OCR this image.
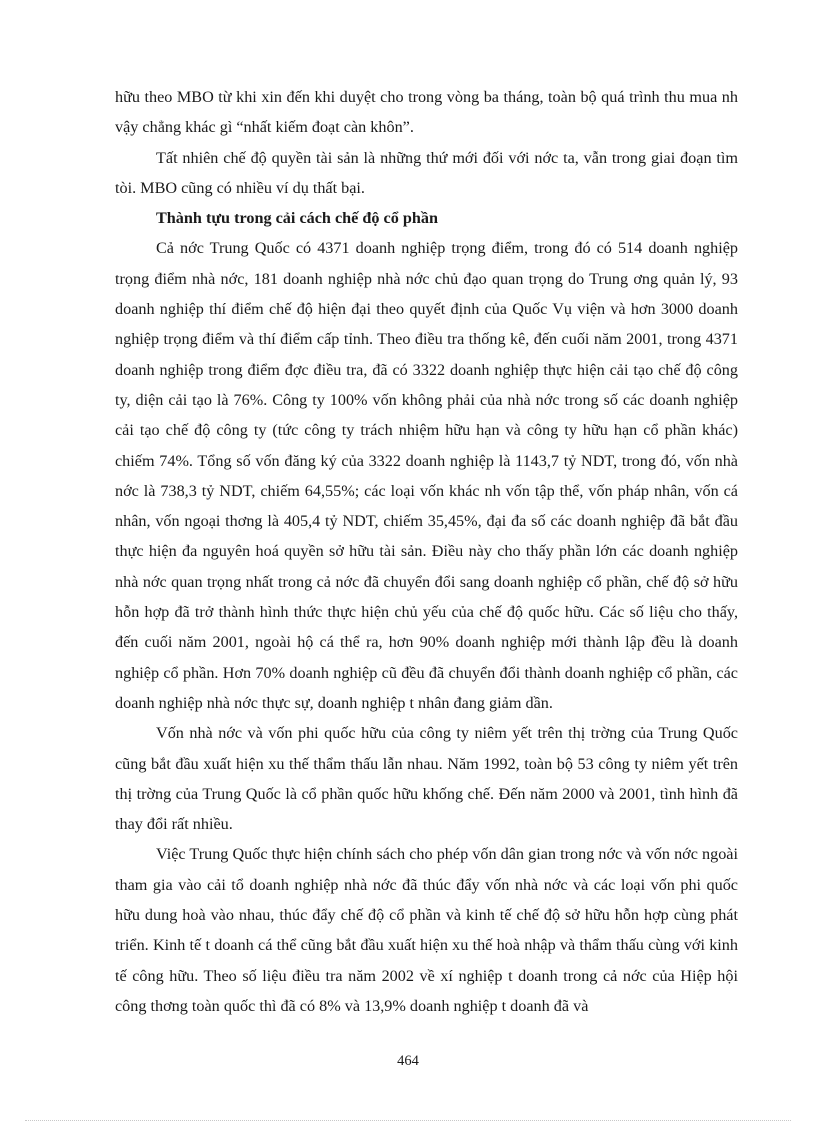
hữu theo MBO từ khi xin đến khi duyệt cho trong vòng ba tháng, toàn bộ quá trình thu mua nh vậy chẳng khác gì “nhất kiếm đoạt càn khôn”.

Tất nhiên chế độ quyền tài sản là những thứ mới đối với nớc ta, vẫn trong giai đoạn tìm tòi. MBO cũng có nhiều ví dụ thất bại.

Thành tựu trong cải cách chế độ cổ phần

Cả nớc Trung Quốc có 4371 doanh nghiệp trọng điểm, trong đó có 514 doanh nghiệp trọng điểm nhà nớc, 181 doanh nghiệp nhà nớc chủ đạo quan trọng do Trung ơng quản lý, 93 doanh nghiệp thí điểm chế độ hiện đại theo quyết định của Quốc Vụ viện và hơn 3000 doanh nghiệp trọng điểm và thí điểm cấp tỉnh. Theo điều tra thống kê, đến cuối năm 2001, trong 4371 doanh nghiệp trong điểm đợc điều tra, đã có 3322 doanh nghiệp thực hiện cải tạo chế độ công ty, diện cải tạo là 76%. Công ty 100% vốn không phải của nhà nớc trong số các doanh nghiệp cải tạo chế độ công ty (tức công ty trách nhiệm hữu hạn và công ty hữu hạn cổ phần khác) chiếm 74%. Tổng số vốn đăng ký của 3322 doanh nghiệp là 1143,7 tỷ NDT, trong đó, vốn nhà nớc là 738,3 tỷ NDT, chiếm 64,55%; các loại vốn khác nh vốn tập thể, vốn pháp nhân, vốn cá nhân, vốn ngoại thơng là 405,4 tỷ NDT, chiếm 35,45%, đại đa số các doanh nghiệp đã bắt đầu thực hiện đa nguyên hoá quyền sở hữu tài sản. Điều này cho thấy phần lớn các doanh nghiệp nhà nớc quan trọng nhất trong cả nớc đã chuyển đổi sang doanh nghiệp cổ phần, chế độ sở hữu hỗn hợp đã trở thành hình thức thực hiện chủ yếu của chế độ quốc hữu. Các số liệu cho thấy, đến cuối năm 2001, ngoài hộ cá thể ra, hơn 90% doanh nghiệp mới thành lập đều là doanh nghiệp cổ phần. Hơn 70% doanh nghiệp cũ đều đã chuyển đổi thành doanh nghiệp cổ phần, các doanh nghiệp nhà nớc thực sự, doanh nghiệp t nhân đang giảm dần.

Vốn nhà nớc và vốn phi quốc hữu của công ty niêm yết trên thị trờng của Trung Quốc cũng bắt đầu xuất hiện xu thế thẩm thấu lẫn nhau. Năm 1992, toàn bộ 53 công ty niêm yết trên thị trờng của Trung Quốc là cổ phần quốc hữu khống chế. Đến năm 2000 và 2001, tình hình đã thay đổi rất nhiều.

Việc Trung Quốc thực hiện chính sách cho phép vốn dân gian trong nớc và vốn nớc ngoài tham gia vào cải tổ doanh nghiệp nhà nớc đã thúc đẩy vốn nhà nớc và các loại vốn phi quốc hữu dung hoà vào nhau, thúc đẩy chế độ cổ phần và kinh tế chế độ sở hữu hỗn hợp cùng phát triển. Kinh tế t doanh cá thể cũng bắt đầu xuất hiện xu thế hoà nhập và thẩm thấu cùng với kinh tế công hữu. Theo số liệu điều tra năm 2002 về xí nghiệp t doanh trong cả nớc của Hiệp hội công thơng toàn quốc thì đã có 8% và 13,9% doanh nghiệp t doanh đã và

464
